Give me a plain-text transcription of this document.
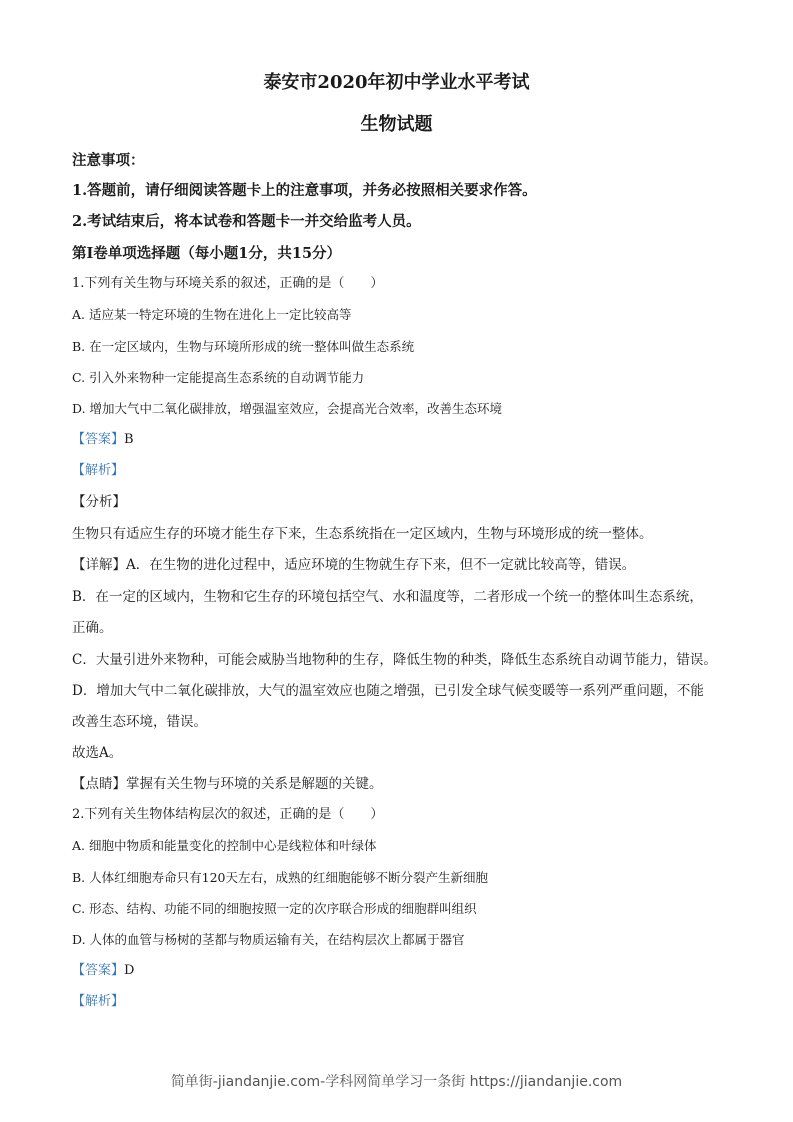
泰安市2020年初中学业水平考试
生物试题
注意事项：
1.答题前，请仔细阅读答题卡上的注意事项，并务必按照相关要求作答。
2.考试结束后，将本试卷和答题卡一并交给监考人员。
第Ⅰ卷单项选择题（每小题1分，共15分）
1.下列有关生物与环境关系的叙述，正确的是（　　）
A. 适应某一特定环境的生物在进化上一定比较高等
B. 在一定区域内，生物与环境所形成的统一整体叫做生态系统
C. 引入外来物种一定能提高生态系统的自动调节能力
D. 增加大气中二氧化碳排放，增强温室效应，会提高光合效率，改善生态环境
【答案】B
【解析】
【分析】
生物只有适应生存的环境才能生存下来，生态系统指在一定区域内，生物与环境形成的统一整体。
【详解】A．在生物的进化过程中，适应环境的生物就生存下来，但不一定就比较高等，错误。
B．在一定的区域内，生物和它生存的环境包括空气、水和温度等，二者形成一个统一的整体叫生态系统，
正确。
C．大量引进外来物种，可能会威胁当地物种的生存，降低生物的种类，降低生态系统自动调节能力，错误。
D．增加大气中二氧化碳排放，大气的温室效应也随之增强，已引发全球气候变暖等一系列严重问题，不能
改善生态环境，错误。
故选A。
【点睛】掌握有关生物与环境的关系是解题的关键。
2.下列有关生物体结构层次的叙述，正确的是（　　）
A. 细胞中物质和能量变化的控制中心是线粒体和叶绿体
B. 人体红细胞寿命只有120天左右，成熟的红细胞能够不断分裂产生新细胞
C. 形态、结构、功能不同的细胞按照一定的次序联合形成的细胞群叫组织
D. 人体的血管与杨树的茎都与物质运输有关，在结构层次上都属于器官
【答案】D
【解析】
简单街-jiandanjie.com-学科网简单学习一条街 https://jiandanjie.com
